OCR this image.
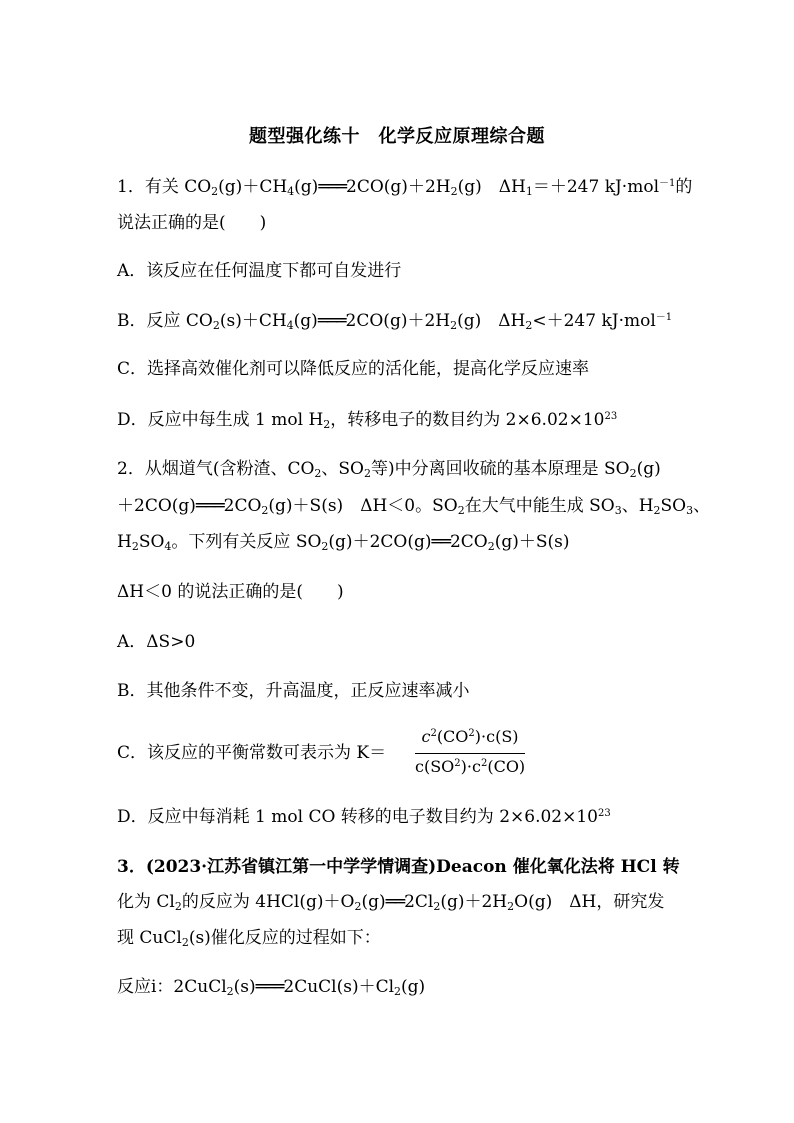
题型强化练十　化学反应原理综合题
1．有关 $CO_2(g)+CH_4(g)═══2CO(g)+2H_2(g)$　$\Delta H_1=+247$ kJ·mol$^{-1}$的
说法正确的是(　　)
A．该反应在任何温度下都可自发进行
B．反应 $CO_2(s)+CH_4(g)═══2CO(g)+2H_2(g)$　$\Delta H_2<+247$ kJ·mol$^{-1}$
C．选择高效催化剂可以降低反应的活化能，提高化学反应速率
D．反应中每生成 1 mol $H_2$，转移电子的数目约为 $2\times 6.02\times 10^{23}$
2．从烟道气(含粉渣、$CO_2$、$SO_2$等)中分离回收硫的基本原理是 $SO_2(g)$
$+2CO(g)═══2CO_2(g)+S(s)$　ΔH＜0。$SO_2$在大气中能生成 $SO_3$、$H_2SO_3$、
$H_2SO_4$。下列有关反应 $SO_2(g)+2CO(g)══2CO_2(g)+S(s)$
ΔH＜0 的说法正确的是(　　)
A．ΔS>0
B．其他条件不变，升高温度，正反应速率减小
C．该反应的平衡常数可表示为 K＝
$c^2(CO^2)\cdot c(S)$
$c(SO^2)\cdot c^2(CO)$
D．反应中每消耗 1 mol CO 转移的电子数目约为 $2\times 6.02\times 10^{23}$
3．(2023·江苏省镇江第一中学学情调查)Deacon 催化氧化法将 HCl 转
化为 $Cl_2$的反应为 $4HCl(g)+O_2(g)══2Cl_2(g)+2H_2O(g)$　ΔH，研究发
现 CuCl$_2$(s)催化反应的过程如下：
反应ⅰ：$2CuCl_2(s)═══2CuCl(s)+Cl_2(g)$
